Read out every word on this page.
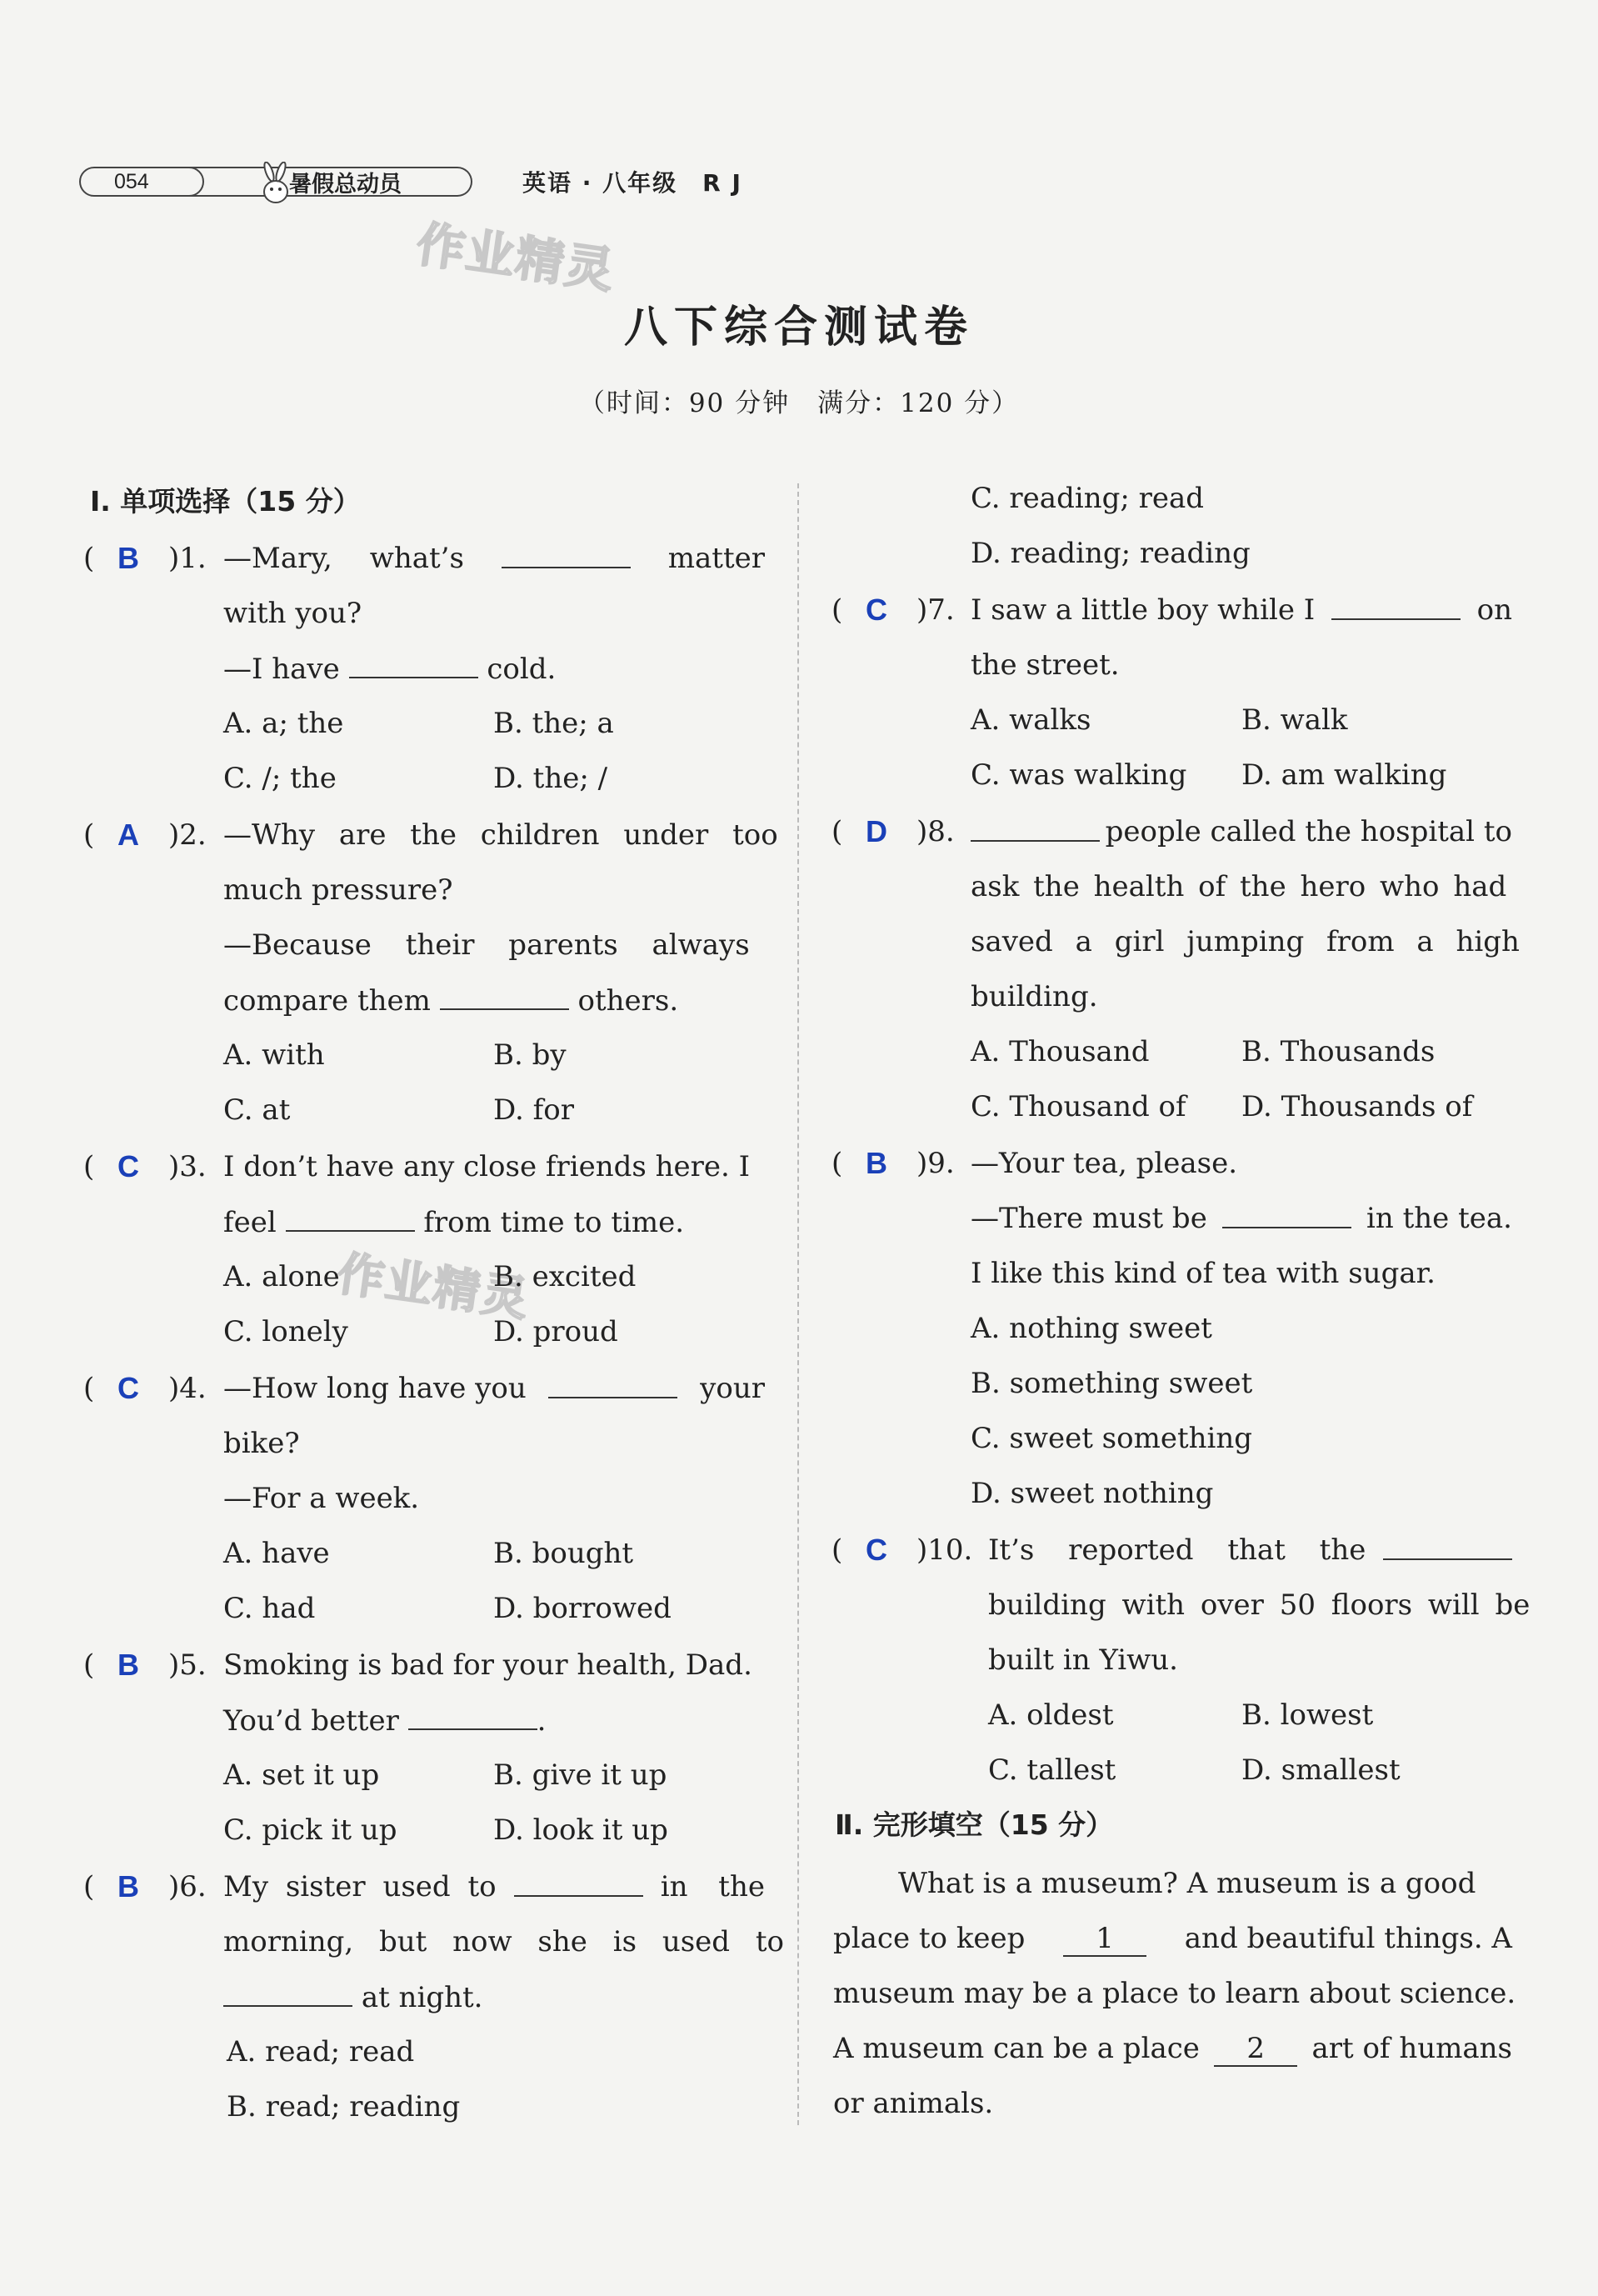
054	暑假总动员	英语 · 八年级　R J
作业精灵
作业精灵
八下综合测试卷
（时间：90 分钟　满分：120 分）
Ⅰ. 单项选择（15 分）
( B )1. —Mary, what’s	matter
with you?
—I have	cold.
A. a; the	B. the; a
C. /; the	D. the; /
( A )2. —Why are the children under too
much pressure?
—Because their parents always
compare them	others.
A. with	B. by
C. at	D. for
( C )3. I don’t have any close friends here. I
feel	from time to time.
A. alone	B. excited
C. lonely	D. proud
( C )4. —How long have you	your
bike?
—For a week.
A. have	B. bought
C. had	D. borrowed
( B )5. Smoking is bad for your health, Dad.
You’d better	.
A. set it up	B. give it up
C. pick it up	D. look it up
( B )6. My sister used to	in the
morning, but now she is used to
at night.
A. read; read
B. read; reading
C. reading; read
D. reading; reading
( C )7. I saw a little boy while I	on
the street.
A. walks	B. walk
C. was walking D. am walking
( D )8.	people called the hospital to
ask the health of the hero who had
saved a girl jumping from a high
building.
A. Thousand	B. Thousands
C. Thousand of D. Thousands of
( B )9. —Your tea, please.
—There must be	in the tea.
I like this kind of tea with sugar.
A. nothing sweet
B. something sweet
C. sweet something
D. sweet nothing
( C )10. It’s reported that the
building with over 50 floors will be
built in Yiwu.
A. oldest	B. lowest
C. tallest	D. smallest
Ⅱ. 完形填空（15 分）
What is a museum? A museum is a good
place to keep	1	and beautiful things. A
museum may be a place to learn about science.
A museum can be a place	2	art of humans
or animals.
